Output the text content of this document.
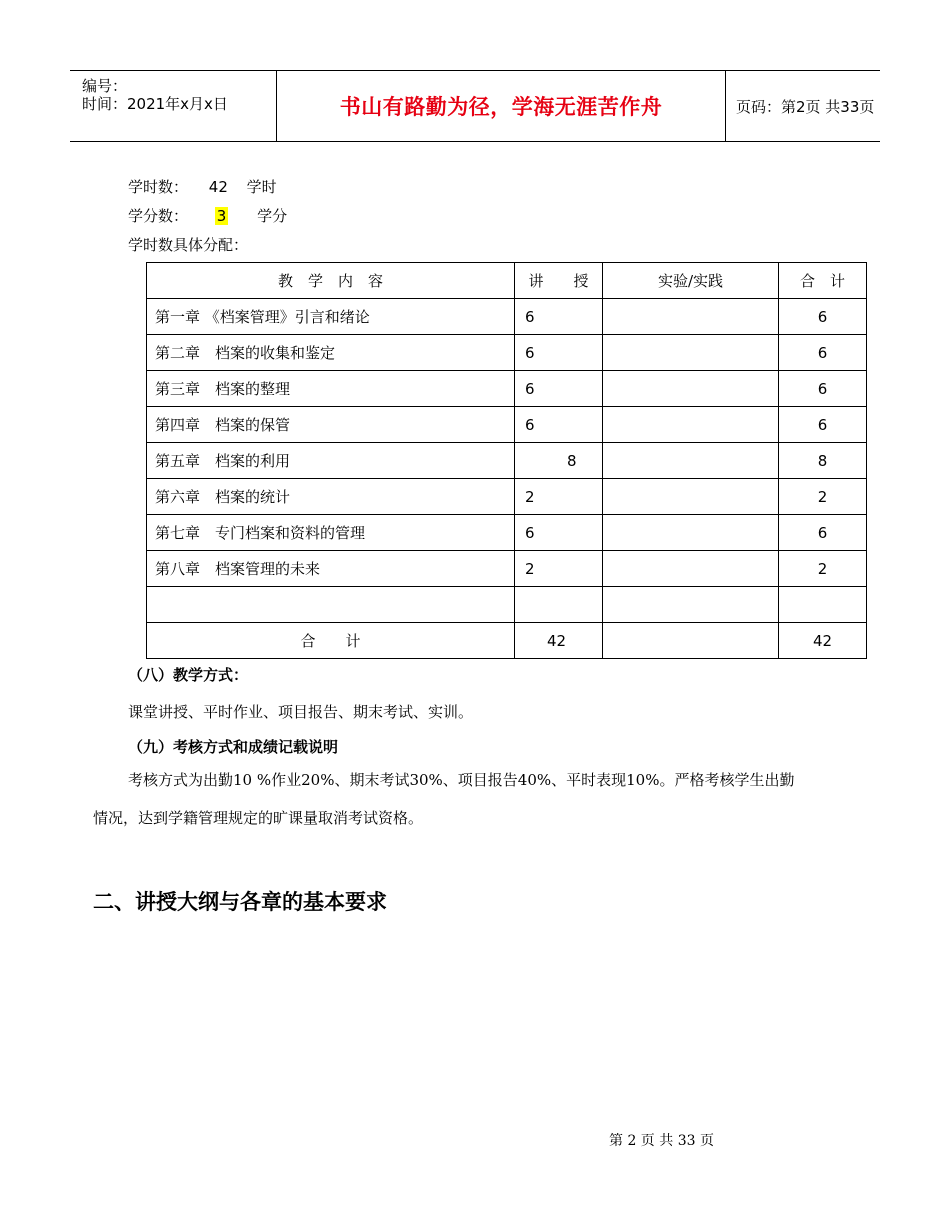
编号：
时间：2021年x月x日	书山有路勤为径，学海无涯苦作舟	页码：第2页 共33页
学时数： 42 学时
学分数： 3 学分
学时数具体分配：
教　学　内　容	讲　　授	实验/实践	合　计
第一章 《档案管理》引言和绪论	6		6
第二章　档案的收集和鉴定	6		6
第三章　档案的整理	6		6
第四章　档案的保管	6		6
第五章　档案的利用	8		8
第六章　档案的统计	2		2
第七章　专门档案和资料的管理	6		6
第八章　档案管理的未来	2		2

合　　计	42		42
（八）教学方式：
课堂讲授、平时作业、项目报告、期末考试、实训。
（九）考核方式和成绩记载说明
考核方式为出勤10 %作业20%、期末考试30%、项目报告40%、平时表现10%。严格考核学生出勤
情况，达到学籍管理规定的旷课量取消考试资格。
二、讲授大纲与各章的基本要求
第 2 页 共 33 页
